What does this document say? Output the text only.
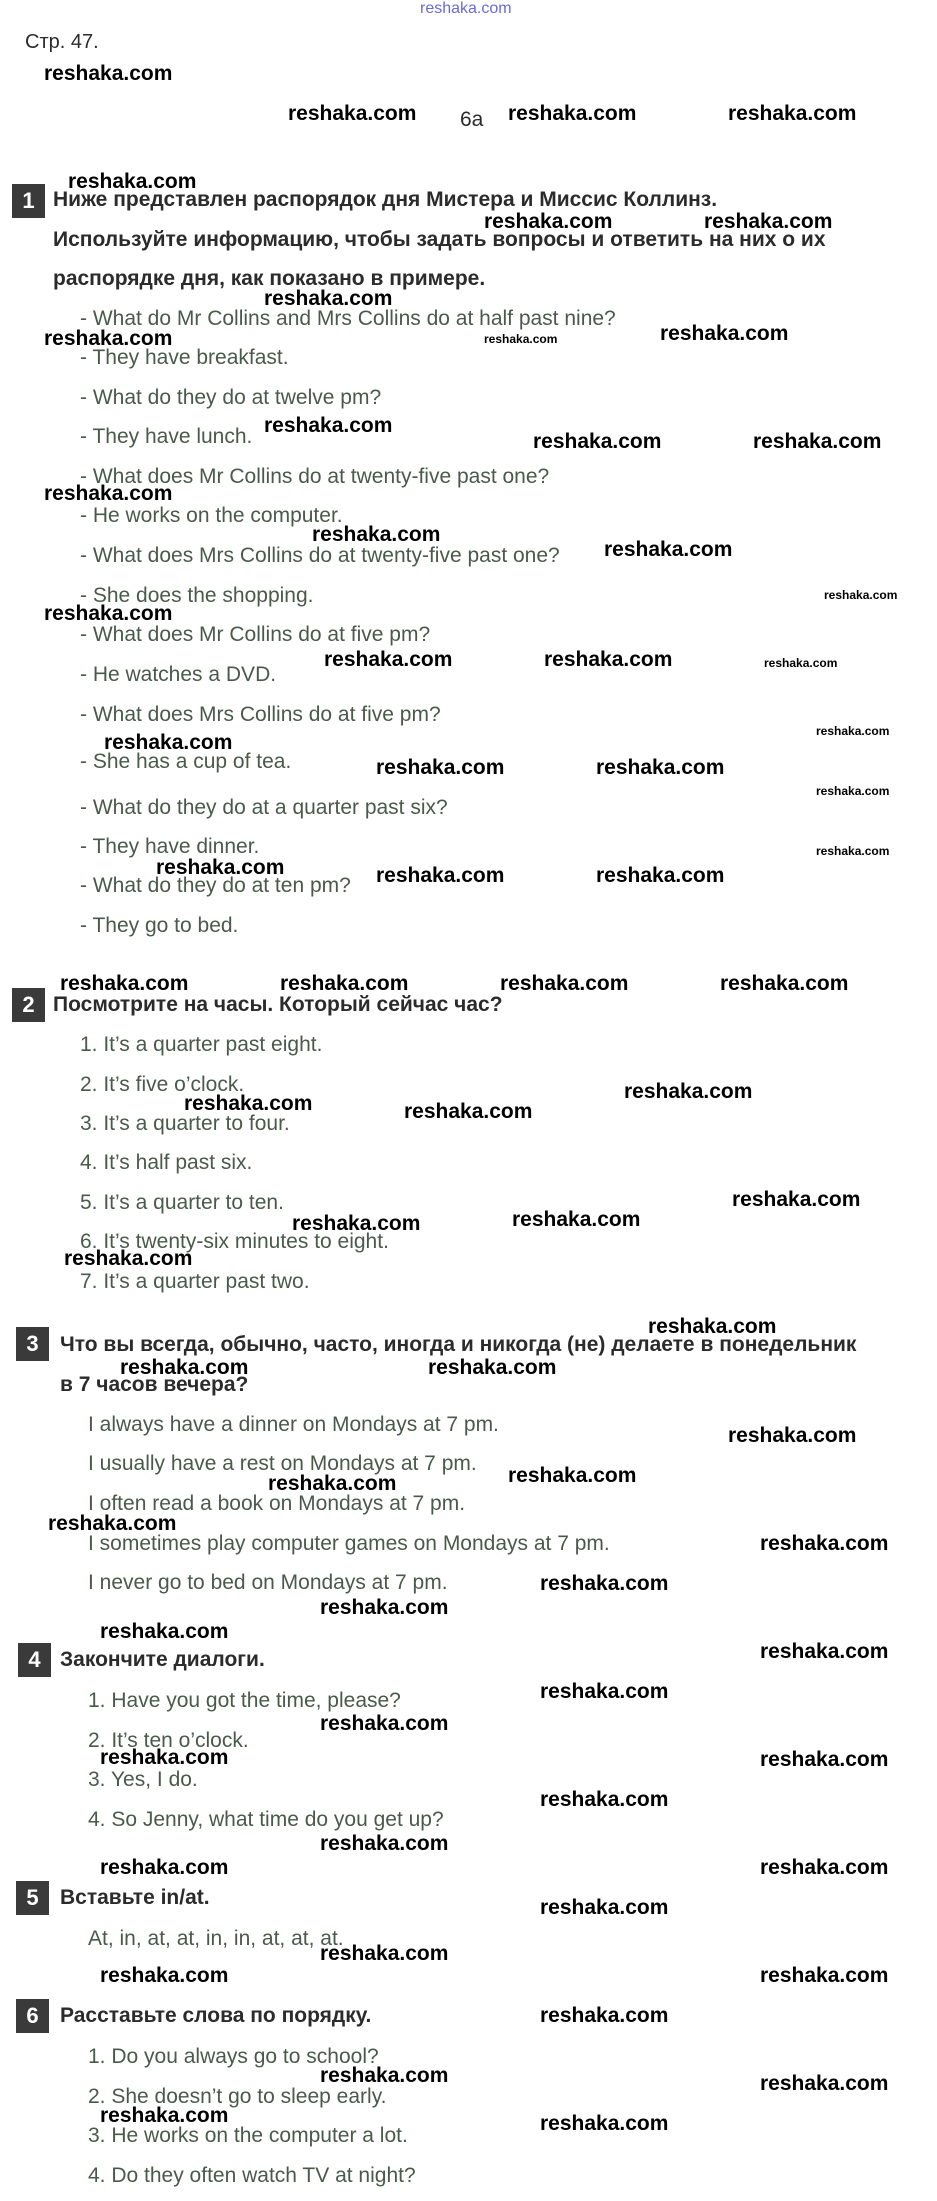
reshaka.com
Стр. 47.
6a
1 Ниже представлен распорядок дня Мистера и Миссис Коллинз.
Используйте информацию, чтобы задать вопросы и ответить на них о их
распорядке дня, как показано в примере.
- What do Mr Collins and Mrs Collins do at half past nine?
- They have breakfast.
- What do they do at twelve pm?
- They have lunch.
- What does Mr Collins do at twenty-five past one?
- He works on the computer.
- What does Mrs Collins do at twenty-five past one?
- She does the shopping.
- What does Mr Collins do at five pm?
- He watches a DVD.
- What does Mrs Collins do at five pm?
- She has a cup of tea.
- What do they do at a quarter past six?
- They have dinner.
- What do they do at ten pm?
- They go to bed.
2 Посмотрите на часы. Который сейчас час?
1. It’s a quarter past eight.
2. It’s five o’clock.
3. It’s a quarter to four.
4. It’s half past six.
5. It’s a quarter to ten.
6. It’s twenty-six minutes to eight.
7. It’s a quarter past two.
3	Что вы всегда, обычно, часто, иногда и никогда (не) делаете в понедельник
в 7 часов вечера?
I always have a dinner on Mondays at 7 pm.
I usually have a rest on Mondays at 7 pm.
I often read a book on Mondays at 7 pm.
I sometimes play computer games on Mondays at 7 pm.
I never go to bed on Mondays at 7 pm.
4 Закончите диалоги.
1. Have you got the time, please?
2. It’s ten o’clock.
3. Yes, I do.
4. So Jenny, what time do you get up?
5	Вставьте in/at.
At, in, at, at, in, in, at, at, at.
6	Расставьте слова по порядку.
1. Do you always go to school?
2. She doesn’t go to sleep early.
3. He works on the computer a lot.
4. Do they often watch TV at night?
reshaka.com
reshaka.com	reshaka.com	reshaka.com
reshaka.com
reshaka.com	reshaka.com
reshaka.com
reshaka.com	reshaka.com	reshaka.com
reshaka.com
reshaka.com	reshaka.com
reshaka.com
reshaka.com
reshaka.com
reshaka.com
reshaka.com
reshaka.com	reshaka.com	reshaka.com
reshaka.com	reshaka.com
reshaka.com	reshaka.com
reshaka.com
reshaka.com
reshaka.com	reshaka.com	reshaka.com
reshaka.com	reshaka.com	reshaka.com	reshaka.com
reshaka.com
reshaka.com	reshaka.com
reshaka.com
reshaka.com
reshaka.com
reshaka.com
reshaka.com
reshaka.com	reshaka.com
reshaka.com
reshaka.com	reshaka.com
reshaka.com
reshaka.com
reshaka.com
reshaka.com
reshaka.com
reshaka.com
reshaka.com
reshaka.com
reshaka.com	reshaka.com
reshaka.com
reshaka.com
reshaka.com	reshaka.com
reshaka.com
reshaka.com
reshaka.com	reshaka.com
reshaka.com
reshaka.com	reshaka.com
reshaka.com	reshaka.com
